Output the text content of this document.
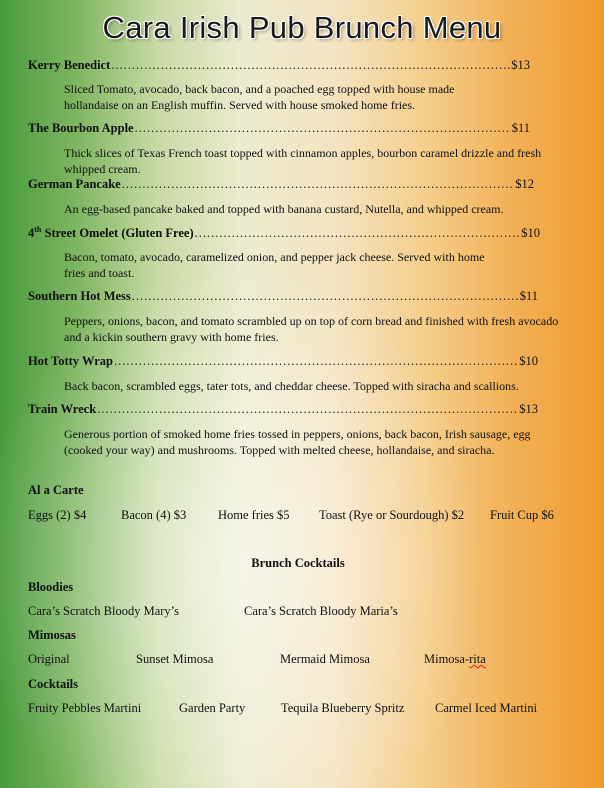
Cara Irish Pub Brunch Menu
Kerry Benedict .....	$13
Sliced Tomato, avocado, back bacon, and a poached egg topped with house made hollandaise on an English muffin. Served with house smoked home fries.
The Bourbon Apple .....	$11
Thick slices of Texas French toast topped with cinnamon apples, bourbon caramel drizzle and fresh whipped cream.
German Pancake .....	$12
An egg-based pancake baked and topped with banana custard, Nutella, and whipped cream.
4th Street Omelet (Gluten Free) .....	$10
Bacon, tomato, avocado, caramelized onion, and pepper jack cheese. Served with home fries and toast.
Southern Hot Mess .....	$11
Peppers, onions, bacon, and tomato scrambled up on top of corn bread and finished with fresh avocado and a kickin southern gravy with home fries.
Hot Totty Wrap .....	$10
Back bacon, scrambled eggs, tater tots, and cheddar cheese. Topped with siracha and scallions.
Train Wreck .....	$13
Generous portion of smoked home fries tossed in peppers, onions, back bacon, Irish sausage, egg (cooked your way) and mushrooms. Topped with melted cheese, hollandaise, and siracha.
Al a Carte
Eggs (2) $4	Bacon (4) $3	Home fries $5 Toast (Rye or Sourdough) $2 Fruit Cup $6
Brunch Cocktails
Bloodies
Cara’s Scratch Bloody Mary’s	Cara’s Scratch Bloody Maria’s
Mimosas
Original	Sunset Mimosa	Mermaid Mimosa	Mimosa-rita
Cocktails
Fruity Pebbles Martini	Garden Party	Tequila Blueberry Spritz Carmel Iced Martini
